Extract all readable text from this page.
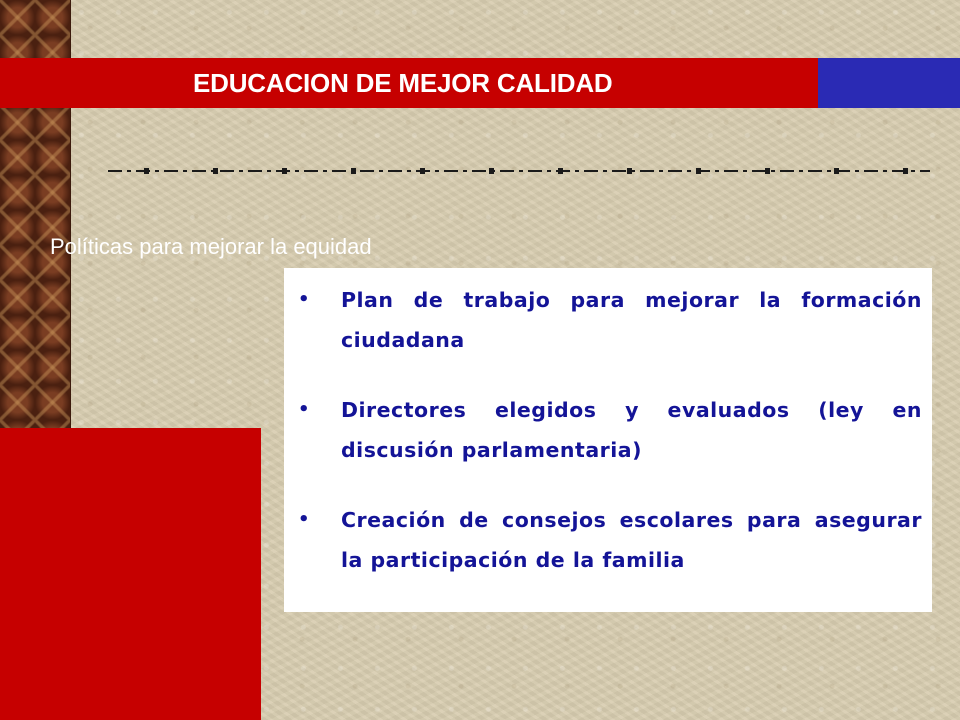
EDUCACION DE MEJOR CALIDAD

Políticas para mejorar la equidad

• Plan de trabajo para mejorar la formación ciudadana
• Directores elegidos y evaluados (ley en discusión parlamentaria)
• Creación de consejos escolares para asegurar la participación de la familia
